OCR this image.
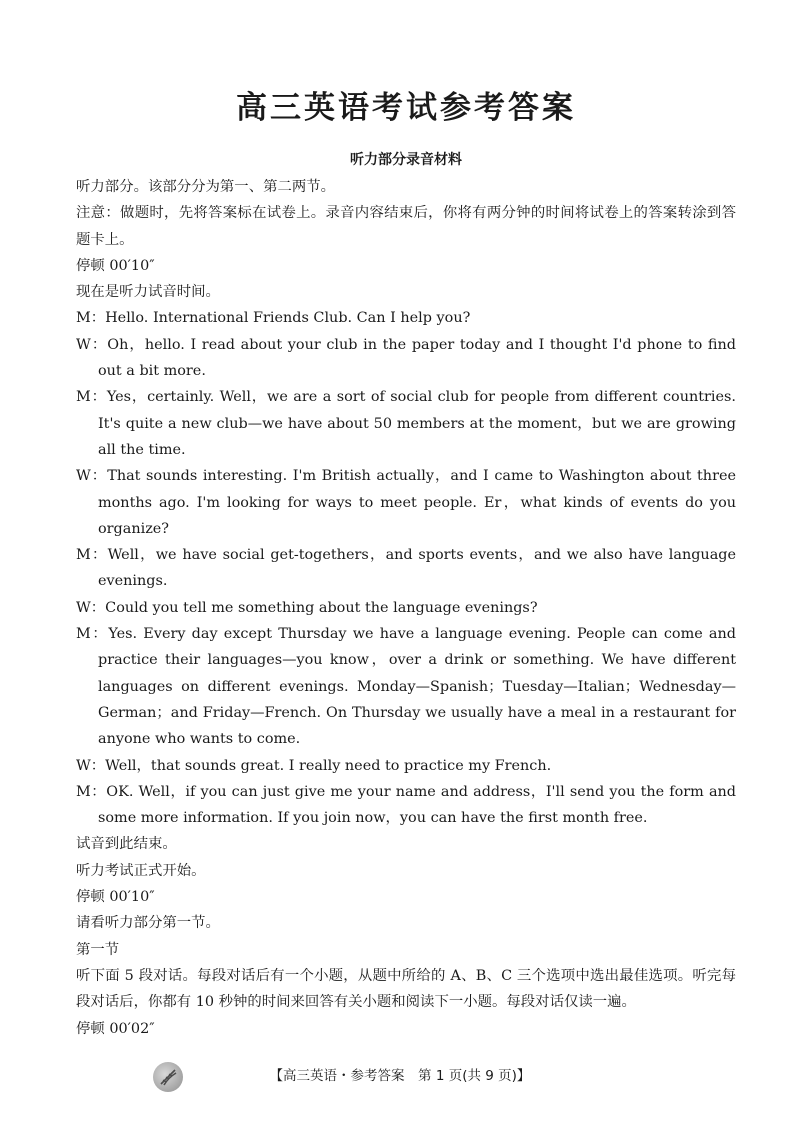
高三英语考试参考答案
听力部分录音材料

听力部分。该部分分为第一、第二两节。

注意：做题时，先将答案标在试卷上。录音内容结束后，你将有两分钟的时间将试卷上的答案转涂到答题卡上。

停顿 00′10″

现在是听力试音时间。

M：Hello. International Friends Club. Can I help you?

W：Oh，hello. I read about your club in the paper today and I thought I'd phone to find out a bit more.

M：Yes，certainly. Well，we are a sort of social club for people from different countries. It's quite a new club—we have about 50 members at the moment，but we are growing all the time.

W：That sounds interesting. I'm British actually，and I came to Washington about three months ago. I'm looking for ways to meet people. Er，what kinds of events do you organize?

M：Well，we have social get-togethers，and sports events，and we also have language evenings.

W：Could you tell me something about the language evenings?

M：Yes. Every day except Thursday we have a language evening. People can come and practice their languages—you know，over a drink or something. We have different languages on different evenings. Monday—Spanish；Tuesday—Italian；Wednesday—German；and Friday—French. On Thursday we usually have a meal in a restaurant for anyone who wants to come.

W：Well，that sounds great. I really need to practice my French.

M：OK. Well，if you can just give me your name and address，I'll send you the form and some more information. If you join now，you can have the first month free.

试音到此结束。

听力考试正式开始。

停顿 00′10″

请看听力部分第一节。

第一节

听下面 5 段对话。每段对话后有一个小题，从题中所给的 A、B、C 三个选项中选出最佳选项。听完每段对话后，你都有 10 秒钟的时间来回答有关小题和阅读下一小题。每段对话仅读一遍。

停顿 00′02″

【高三英语・参考答案　第 1 页(共 9 页)】
